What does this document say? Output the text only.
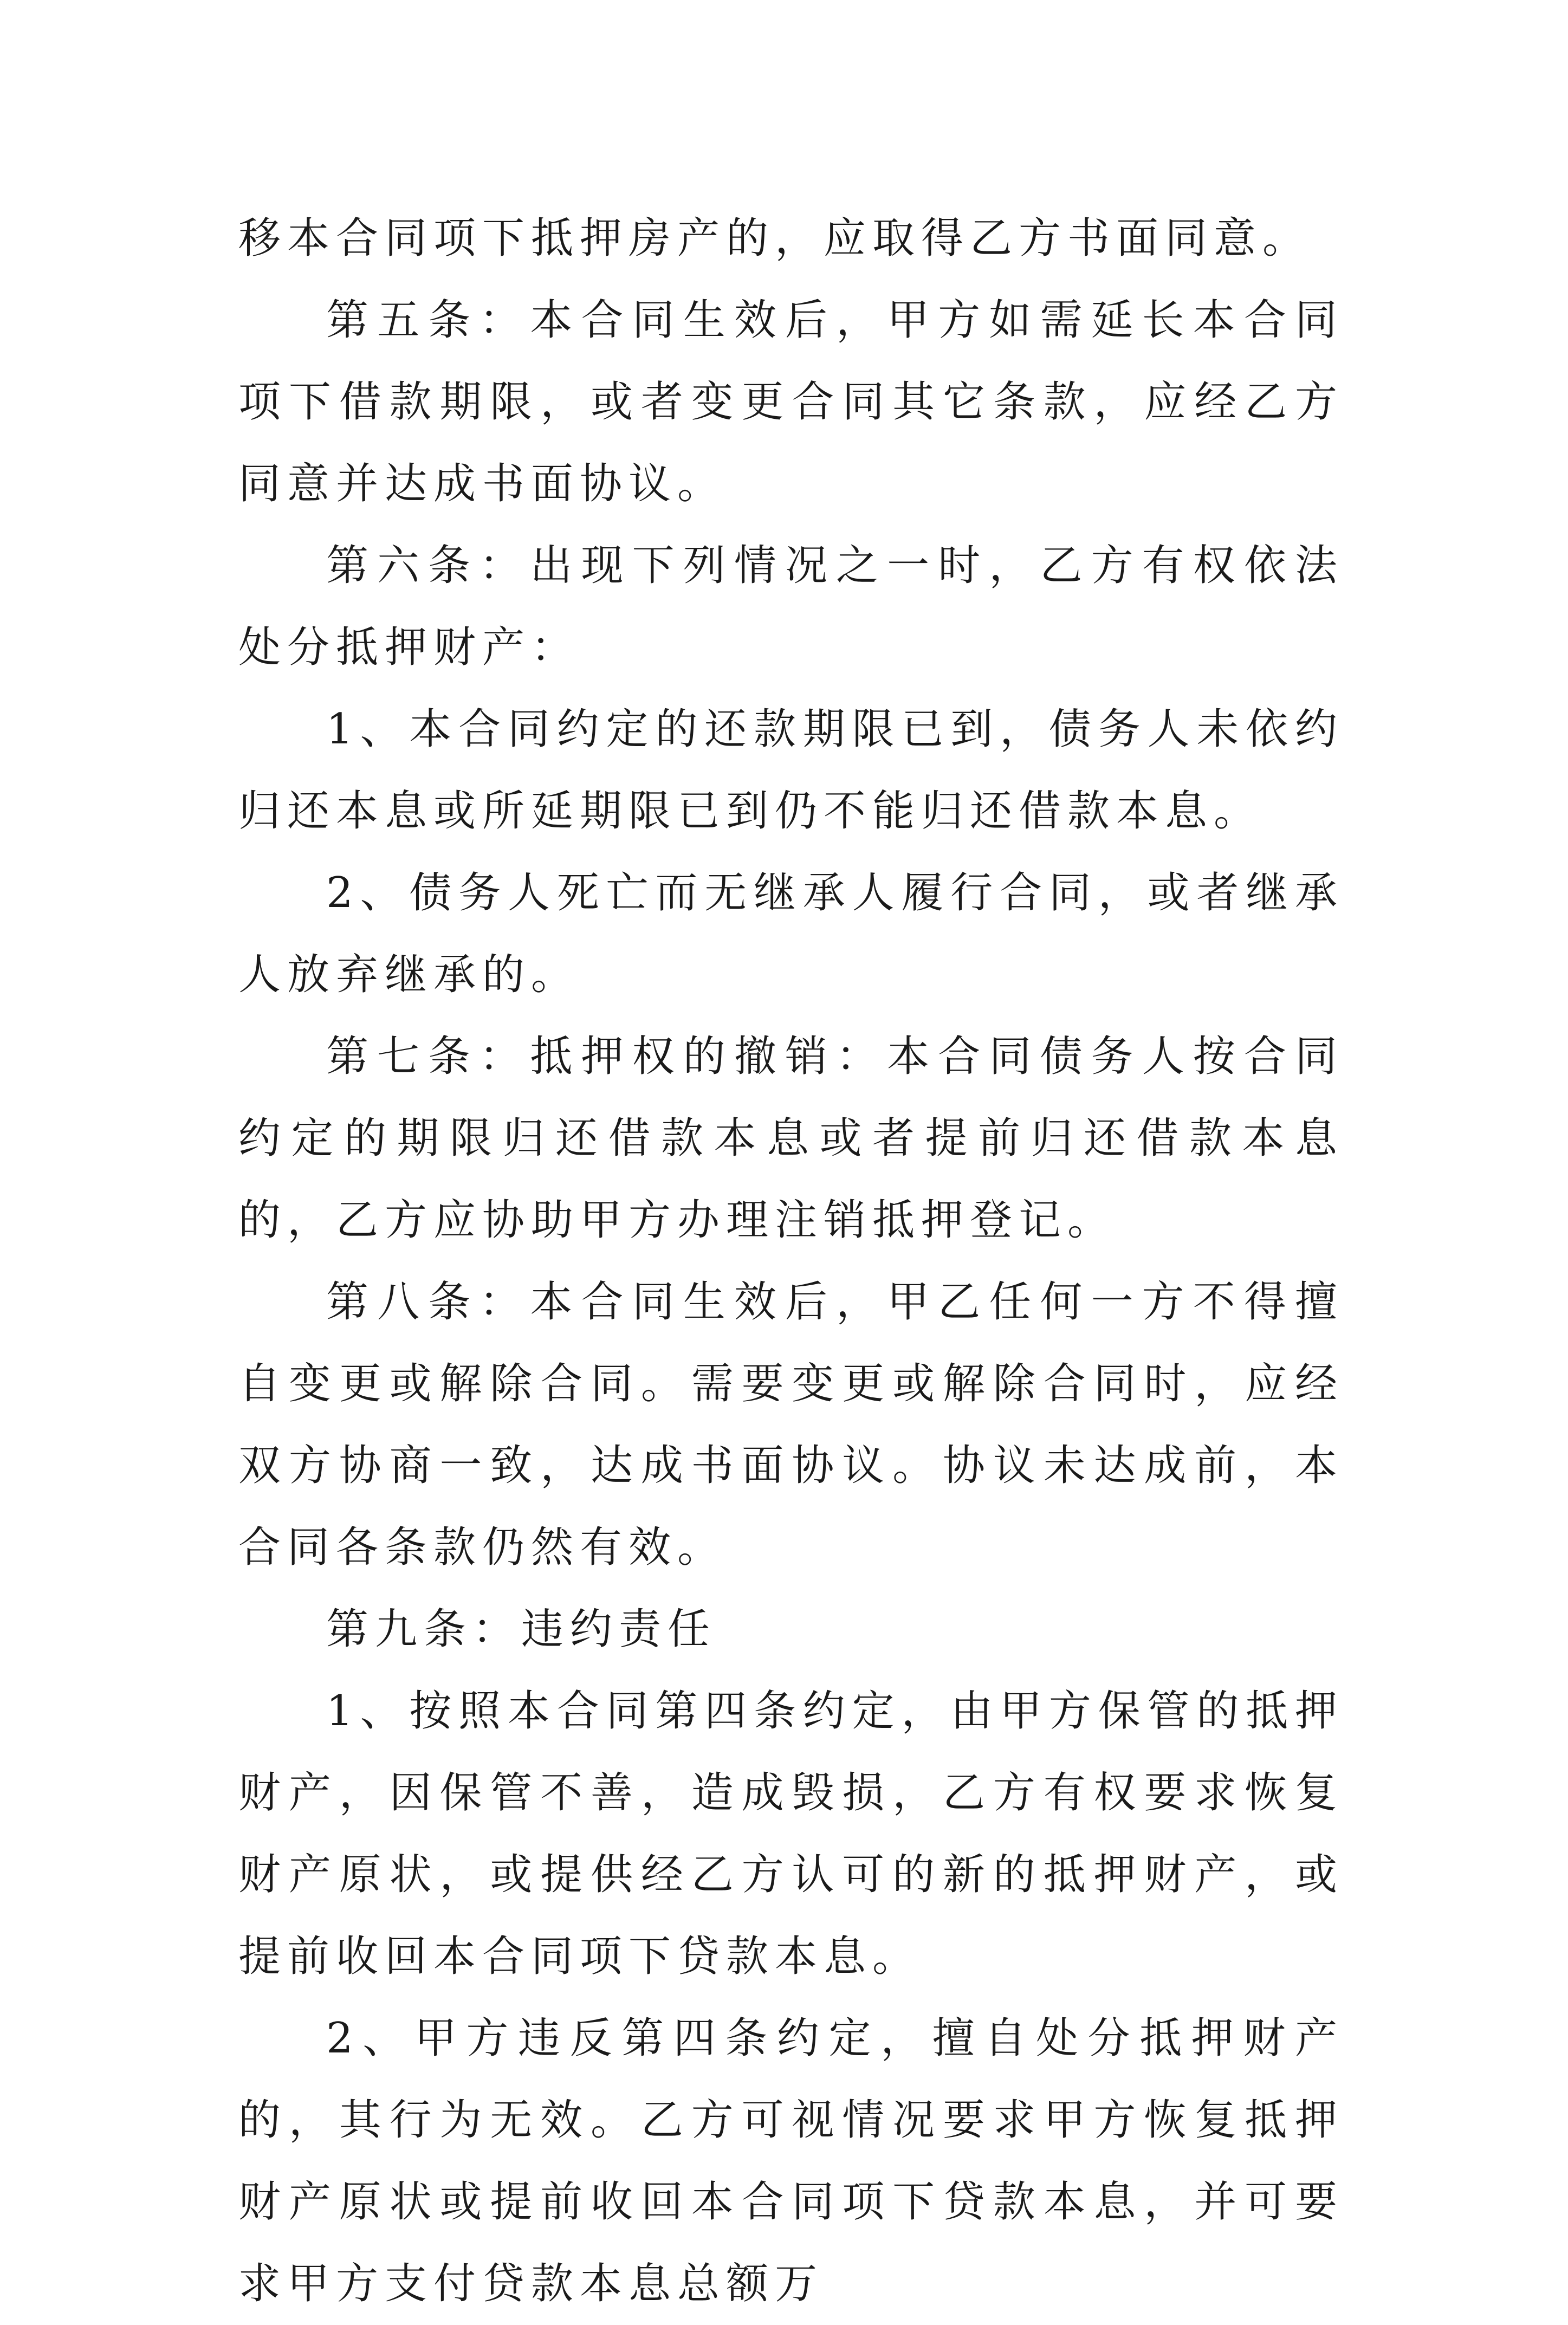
移本合同项下抵押房产的，应取得乙方书面同意。

第五条：本合同生效后，甲方如需延长本合同项下借款期限，或者变更合同其它条款，应经乙方同意并达成书面协议。

第六条：出现下列情况之一时，乙方有权依法处分抵押财产：

1、本合同约定的还款期限已到，债务人未依约归还本息或所延期限已到仍不能归还借款本息。

2、债务人死亡而无继承人履行合同，或者继承人放弃继承的。

第七条：抵押权的撤销：本合同债务人按合同约定的期限归还借款本息或者提前归还借款本息的，乙方应协助甲方办理注销抵押登记。

第八条：本合同生效后，甲乙任何一方不得擅自变更或解除合同。需要变更或解除合同时，应经双方协商一致，达成书面协议。协议未达成前，本合同各条款仍然有效。

第九条：违约责任

1、按照本合同第四条约定，由甲方保管的抵押财产，因保管不善，造成毁损，乙方有权要求恢复财产原状，或提供经乙方认可的新的抵押财产，或提前收回本合同项下贷款本息。

2、甲方违反第四条约定，擅自处分抵押财产的，其行为无效。乙方可视情况要求甲方恢复抵押财产原状或提前收回本合同项下贷款本息，并可要求甲方支付贷款本息总额万
